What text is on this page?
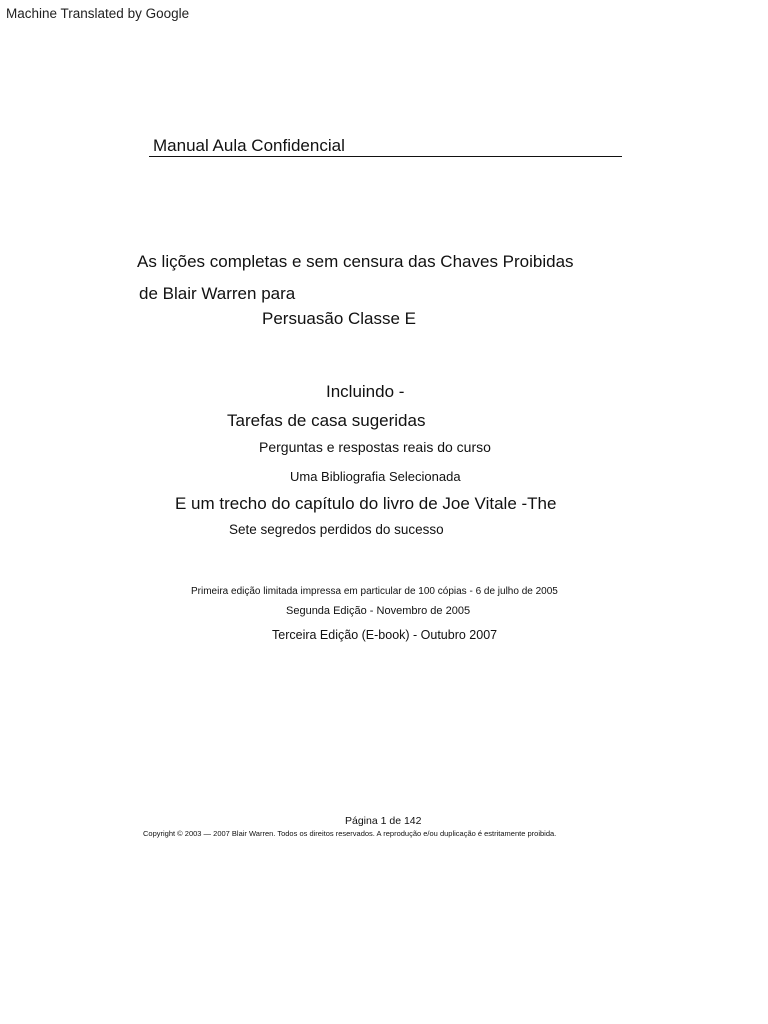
Machine Translated by Google
Manual Aula Confidencial
As lições completas e sem censura das Chaves Proibidas
de Blair Warren para
Persuasão Classe E
Incluindo -
Tarefas de casa sugeridas
Perguntas e respostas reais do curso
Uma Bibliografia Selecionada
E um trecho do capítulo do livro de Joe Vitale -The
Sete segredos perdidos do sucesso
Primeira edição limitada impressa em particular de 100 cópias - 6 de julho de 2005
Segunda Edição - Novembro de 2005
Terceira Edição (E-book) - Outubro 2007
Página 1 de 142
Copyright © 2003 — 2007 Blair Warren. Todos os direitos reservados. A reprodução e/ou duplicação é estritamente proibida.
